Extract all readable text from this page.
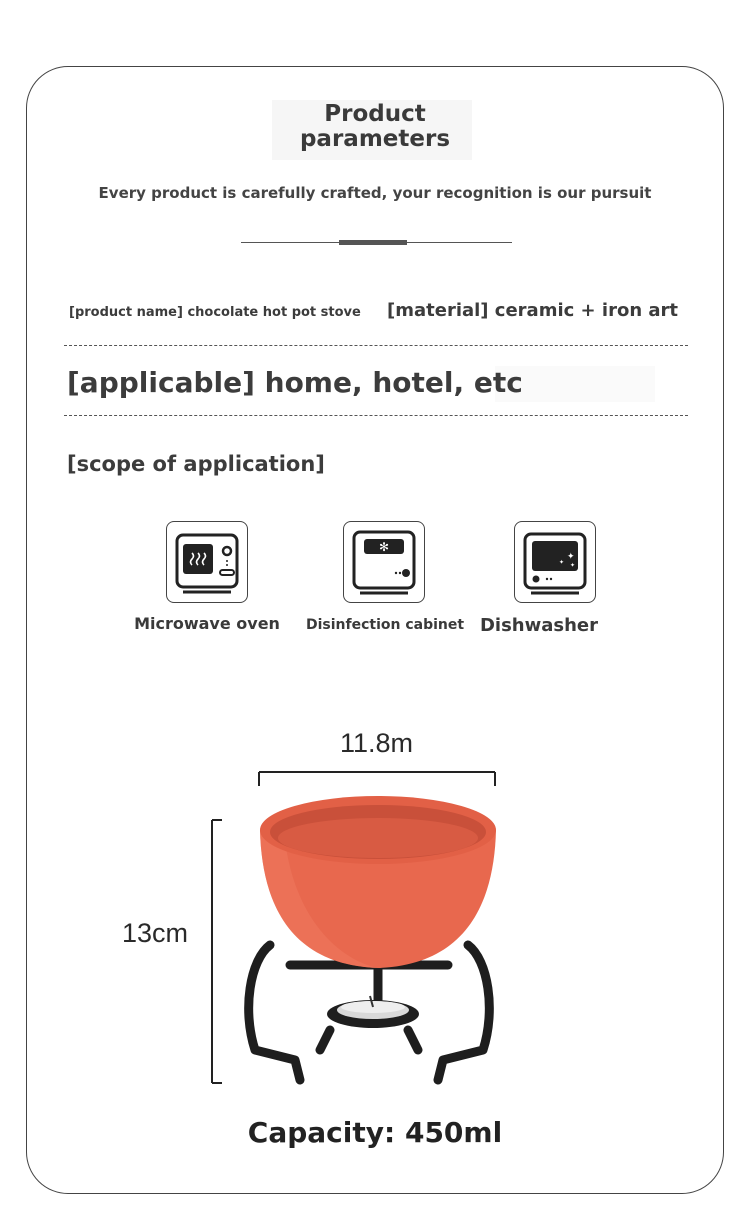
Product
parameters
Every product is carefully crafted, your recognition is our pursuit
[product name] chocolate hot pot stove [material] ceramic + iron art
[applicable] home, hotel, etc
[scope of application]
Microwave oven
✻
Disinfection cabinet
✦
✦ ✦
Dishwasher
11.8m
13cm
Capacity: 450ml
